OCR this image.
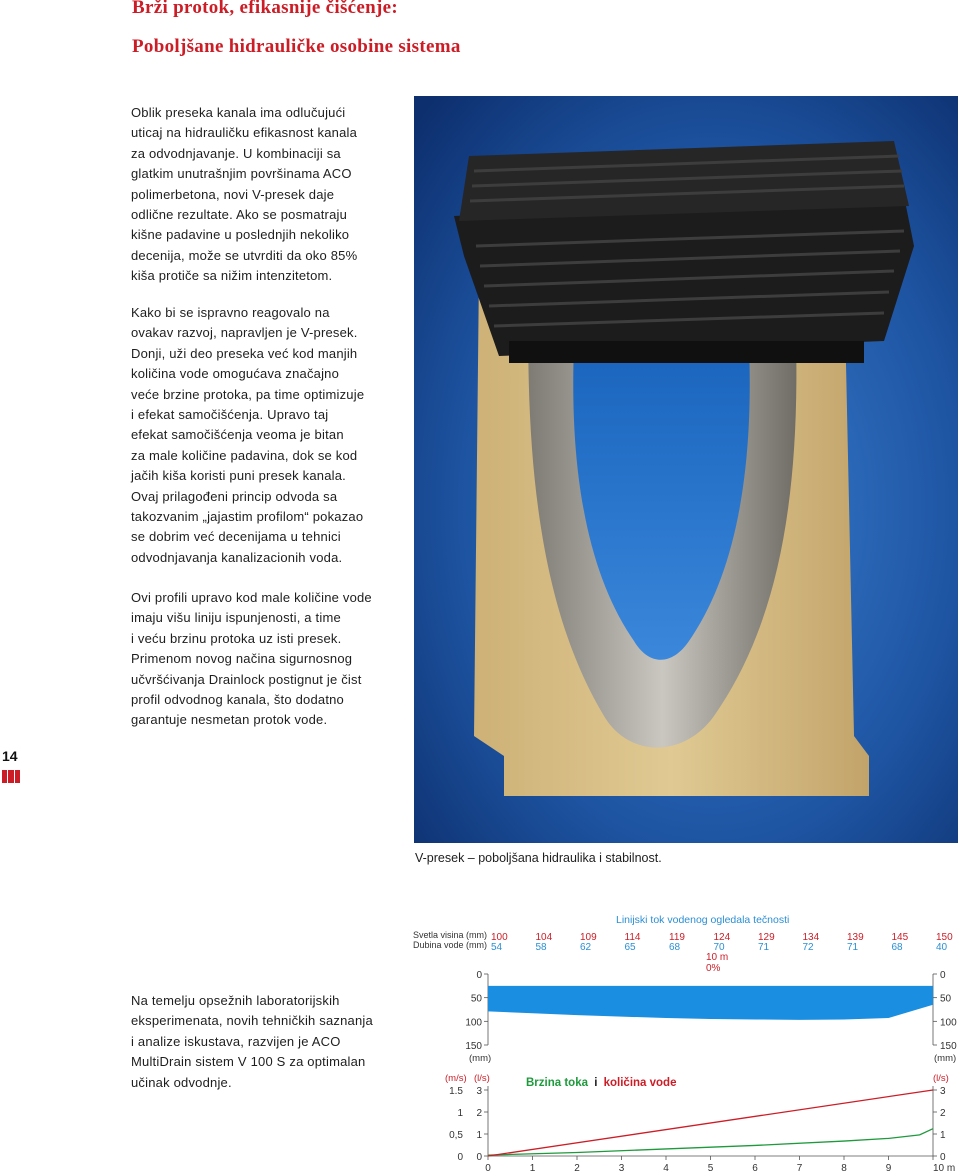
Brži protok, efikasnije čišćenje:
Poboljšane hidrauličke osobine sistema
Oblik preseka kanala ima odlučujući
uticaj na hidrauličku efikasnost kanala
za odvodnjavanje. U kombinaciji sa
glatkim unutrašnjim površinama ACO
polimerbetona, novi V-presek daje
odlične rezultate. Ako se posmatraju
kišne padavine u poslednjih nekoliko
decenija, može se utvrditi da oko 85%
kiša protiče sa nižim intenzitetom.
Kako bi se ispravno reagovalo na
ovakav razvoj, napravljen je V-presek.
Donji, uži deo preseka već kod manjih
količina vode omogućava značajno
veće brzine protoka, pa time optimizuje
i efekat samočišćenja. Upravo taj
efekat samočišćenja veoma je bitan
za male količine padavina, dok se kod
jačih kiša koristi puni presek kanala.
Ovaj prilagođeni princip odvoda sa
takozvanim „jajastim profilom“ pokazao
se dobrim već decenijama u tehnici
odvodnjavanja kanalizacionih voda.
Ovi profili upravo kod male količine vode
imaju višu liniju ispunjenosti, a time
i veću brzinu protoka uz isti presek.
Primenom novog načina sigurnosnog
učvršćivanja Drainlock postignut je čist
profil odvodnog kanala, što dodatno
garantuje nesmetan protok vode.
Na temelju opsežnih laboratorijskih
eksperimenata, novih tehničkih saznanja
i analize iskustava, razvijen je ACO
MultiDrain sistem V 100 S za optimalan
učinak odvodnje.
14
V-presek – poboljšana hidraulika i stabilnost.
Linijski tok vodenog ogledala tečnosti
Svetla visina (mm)
Dubina vode (mm)
100	104	109	114	119	124	129	134	139	145	150
54	58	62	65	68	70	71	72	71	68	40
10 m
0%
0	0
50	50
100	100
150	150
(mm)	(mm)
Brzina toka i količina vode
(m/s) (l/s)	(l/s)
1.5
1
0,5
0
3
2
1
0
3
2
1
0
0	1	2	3	4	5	6	7	8	9	10 m
